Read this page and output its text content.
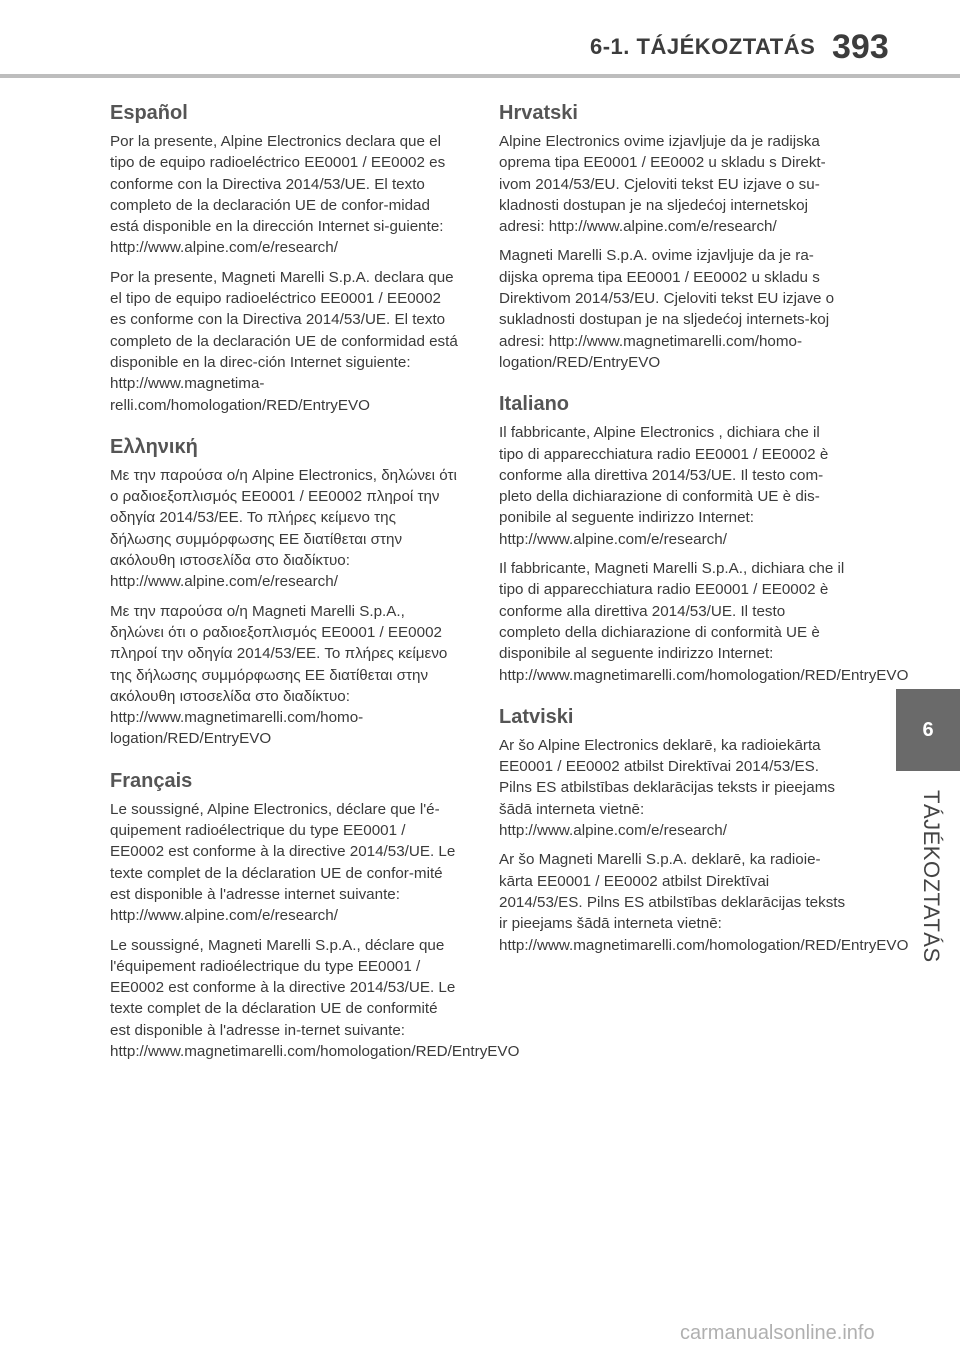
6-1. TÁJÉKOZTATÁS 393
6
TÁJÉKOZTATÁS
Español

Por la presente, Alpine Electronics declara que el tipo de equipo radioeléctrico EE0001 / EE0002 es conforme con la Directiva 2014/53/UE. El texto completo de la declaración UE de confor-midad está disponible en la dirección Internet si-guiente: http://www.alpine.com/e/research/

Por la presente, Magneti Marelli S.p.A. declara que el tipo de equipo radioeléctrico EE0001 / EE0002 es conforme con la Directiva 2014/53/UE. El texto completo de la declaración UE de conformidad está disponible en la direc-ción Internet siguiente: http://www.magnetima-relli.com/homologation/RED/EntryEVO

Ελληνική

Με την παρούσα ο/η Alpine Electronics, δηλώνει ότι ο ραδιοεξοπλισμός EE0001 / EE0002 πληροί την οδηγία 2014/53/ΕΕ. Το πλήρες κείμενο της δήλωσης συμμόρφωσης ΕΕ διατίθεται στην ακόλουθη ιστοσελίδα στο διαδίκτυο: http://www.alpine.com/e/research/

Με την παρούσα ο/η Magneti Marelli S.p.A., δηλώνει ότι ο ραδιοεξοπλισμός EE0001 / EE0002 πληροί την οδηγία 2014/53/ΕΕ. Το πλήρες κείμενο της δήλωσης συμμόρφωσης ΕΕ διατίθεται στην ακόλουθη ιστοσελίδα στο διαδίκτυο: http://www.magnetimarelli.com/homo-logation/RED/EntryEVO

Français

Le soussigné, Alpine Electronics, déclare que l'é-quipement radioélectrique du type EE0001 / EE0002 est conforme à la directive 2014/53/UE. Le texte complet de la déclaration UE de confor-mité est disponible à l'adresse internet suivante: http://www.alpine.com/e/research/

Le soussigné, Magneti Marelli S.p.A., déclare que l'équipement radioélectrique du type EE0001 / EE0002 est conforme à la directive 2014/53/UE. Le texte complet de la déclaration UE de conformité est disponible à l'adresse in-ternet suivante: http://www.magnetimarelli.com/homologation/RED/EntryEVO

Hrvatski

Alpine Electronics ovime izjavljuje da je radijska oprema tipa EE0001 / EE0002 u skladu s Direkt-ivom 2014/53/EU. Cjeloviti tekst EU izjave o su-kladnosti dostupan je na sljedećoj internetskoj adresi: http://www.alpine.com/e/research/

Magneti Marelli S.p.A. ovime izjavljuje da je ra-dijska oprema tipa EE0001 / EE0002 u skladu s Direktivom 2014/53/EU. Cjeloviti tekst EU izjave o sukladnosti dostupan je na sljedećoj internets-koj adresi: http://www.magnetimarelli.com/homo-logation/RED/EntryEVO

Italiano

Il fabbricante, Alpine Electronics , dichiara che il tipo di apparecchiatura radio EE0001 / EE0002 è conforme alla direttiva 2014/53/UE. Il testo com-pleto della dichiarazione di conformità UE è dis-ponibile al seguente indirizzo Internet: http://www.alpine.com/e/research/

Il fabbricante, Magneti Marelli S.p.A., dichiara che il tipo di apparecchiatura radio EE0001 / EE0002 è conforme alla direttiva 2014/53/UE. Il testo completo della dichiarazione di conformità UE è disponibile al seguente indirizzo Internet: http://www.magnetimarelli.com/homologation/RED/EntryEVO

Latviski

Ar šo Alpine Electronics deklarē, ka radioiekārta EE0001 / EE0002 atbilst Direktīvai 2014/53/ES. Pilns ES atbilstības deklarācijas teksts ir pieejams šādā interneta vietnē: http://www.alpine.com/e/research/

Ar šo Magneti Marelli S.p.A. deklarē, ka radioie-kārta EE0001 / EE0002 atbilst Direktīvai 2014/53/ES. Pilns ES atbilstības deklarācijas teksts ir pieejams šādā interneta vietnē: http://www.magnetimarelli.com/homologation/RED/EntryEVO

carmanualsonline.info
